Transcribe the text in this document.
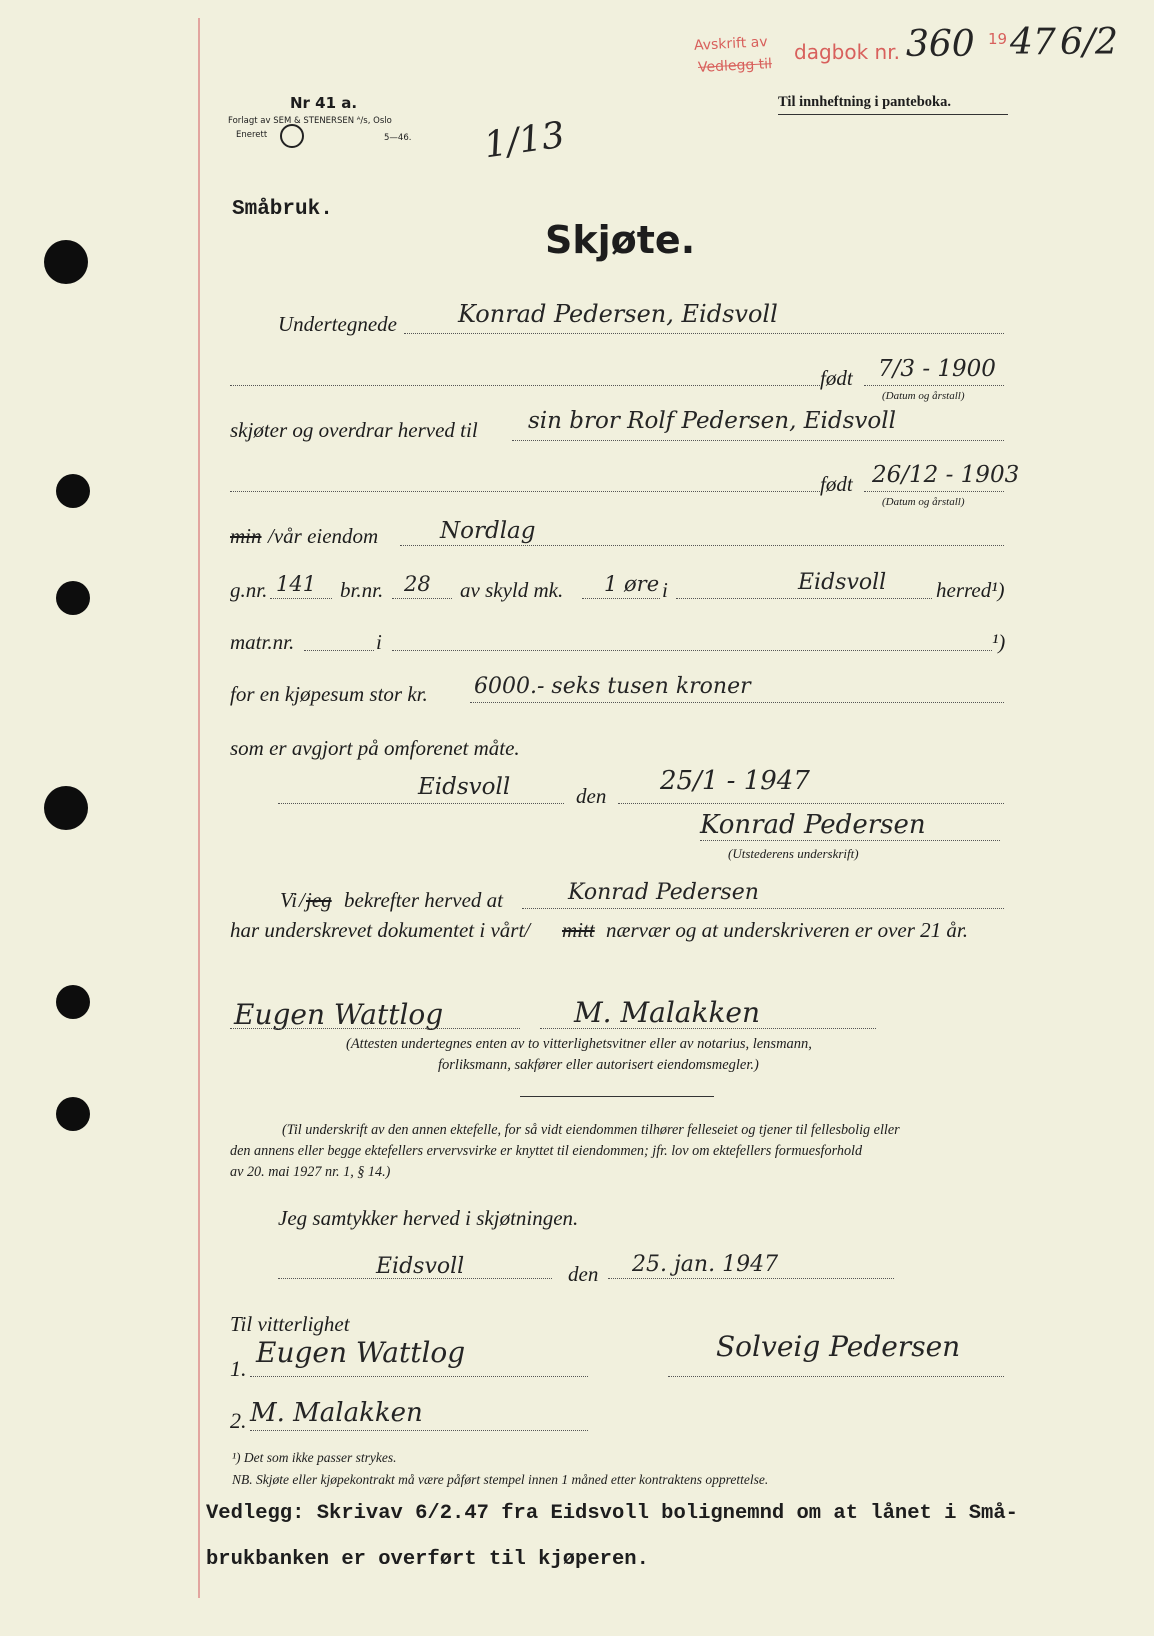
Avskrift av
Vedlegg til
dagbok nr. 360 19 47 6/2
Nr 41 a.
Forlagt av SEM & STENERSEN ᴬ/s, Oslo
Enerett	5—46. 1/13
Til innheftning i panteboka.
Småbruk.
Skjøte.
Undertegnede	Konrad Pedersen, Eidsvoll
født 7/3 - 1900
(Datum og årstall)
skjøter og overdrar herved til sin bror Rolf Pedersen, Eidsvoll
født 26/12 - 1903
(Datum og årstall)
min /vår eiendom	Nordlag
g.nr. 141 br.nr. 28 av skyld mk. 1 øre i	Eidsvoll herred¹)
matr.nr.	i	¹)
for en kjøpesum stor kr. 6000.- seks tusen kroner
som er avgjort på omforenet måte.
Eidsvoll	den 25/1 - 1947
Konrad Pedersen
(Utstederens underskrift)
Vi / jeg bekrefter herved at	Konrad Pedersen
har underskrevet dokumentet i vårt/ mitt nærvær og at underskriveren er over 21 år.
Eugen Wattlog	M. Malakken
(Attesten undertegnes enten av to vitterlighetsvitner eller av notarius, lensmann,
forliksmann, sakfører eller autorisert eiendomsmegler.)
(Til underskrift av den annen ektefelle, for så vidt eiendommen tilhører felleseiet og tjener til fellesbolig eller
den annens eller begge ektefellers ervervsvirke er knyttet til eiendommen; jfr. lov om ektefellers formuesforhold
av 20. mai 1927 nr. 1, § 14.)
Jeg samtykker herved i skjøtningen.
Eidsvoll	den 25. jan. 1947
Til vitterlighet
1. Eugen Wattlog	Solveig Pedersen
2. M. Malakken
¹) Det som ikke passer strykes.
NB. Skjøte eller kjøpekontrakt må være påført stempel innen 1 måned etter kontraktens opprettelse.
Vedlegg: Skrivav 6/2.47 fra Eidsvoll bolignemnd om at lånet i Små-
brukbanken er overført til kjøperen.
